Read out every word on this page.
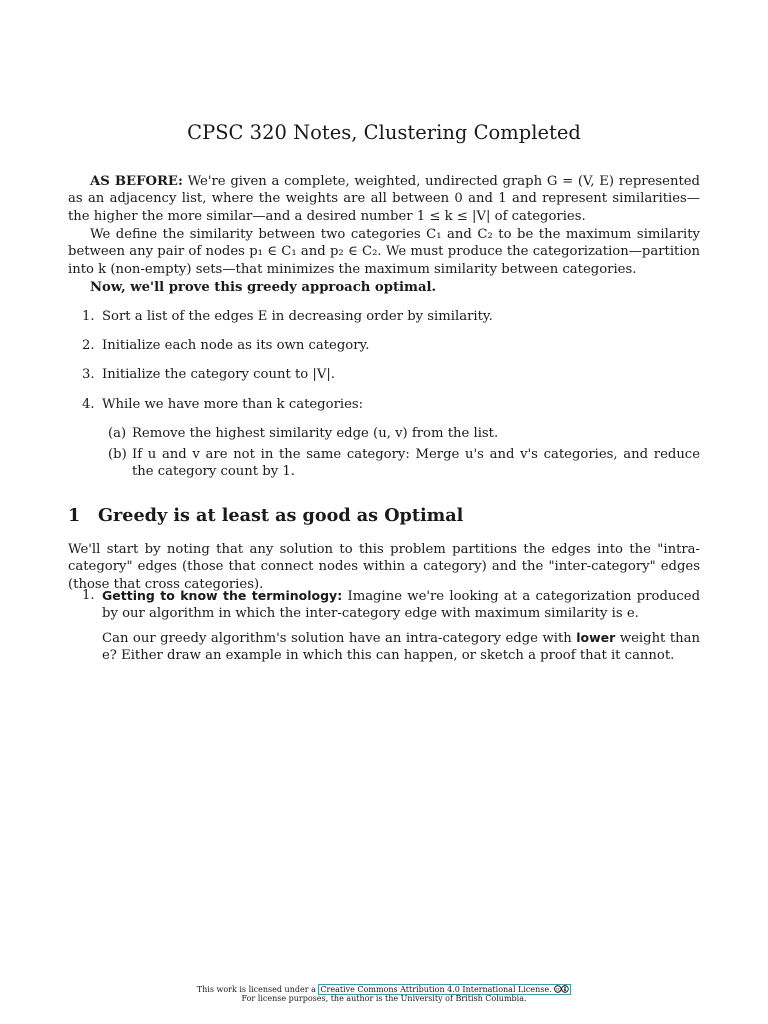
CPSC 320 Notes, Clustering Completed
AS BEFORE: We're given a complete, weighted, undirected graph G = (V, E) represented as an adjacency list, where the weights are all between 0 and 1 and represent similarities—the higher the more similar—and a desired number 1 ≤ k ≤ |V| of categories.
We define the similarity between two categories C₁ and C₂ to be the maximum similarity between any pair of nodes p₁ ∈ C₁ and p₂ ∈ C₂. We must produce the categorization—partition into k (non-empty) sets—that minimizes the maximum similarity between categories.
Now, we'll prove this greedy approach optimal.
1. Sort a list of the edges E in decreasing order by similarity.
2. Initialize each node as its own category.
3. Initialize the category count to |V|.
4. While we have more than k categories:
(a) Remove the highest similarity edge (u, v) from the list.
(b) If u and v are not in the same category: Merge u's and v's categories, and reduce the category count by 1.
1 Greedy is at least as good as Optimal
We'll start by noting that any solution to this problem partitions the edges into the "intra-category" edges (those that connect nodes within a category) and the "inter-category" edges (those that cross categories).
1. Getting to know the terminology: Imagine we're looking at a categorization produced by our algorithm in which the inter-category edge with maximum similarity is e.

Can our greedy algorithm's solution have an intra-category edge with lower weight than e? Either draw an example in which this can happen, or sketch a proof that it cannot.

This work is licensed under a Creative Commons Attribution 4.0 International License. cc
For license purposes, the author is the University of British Columbia.
